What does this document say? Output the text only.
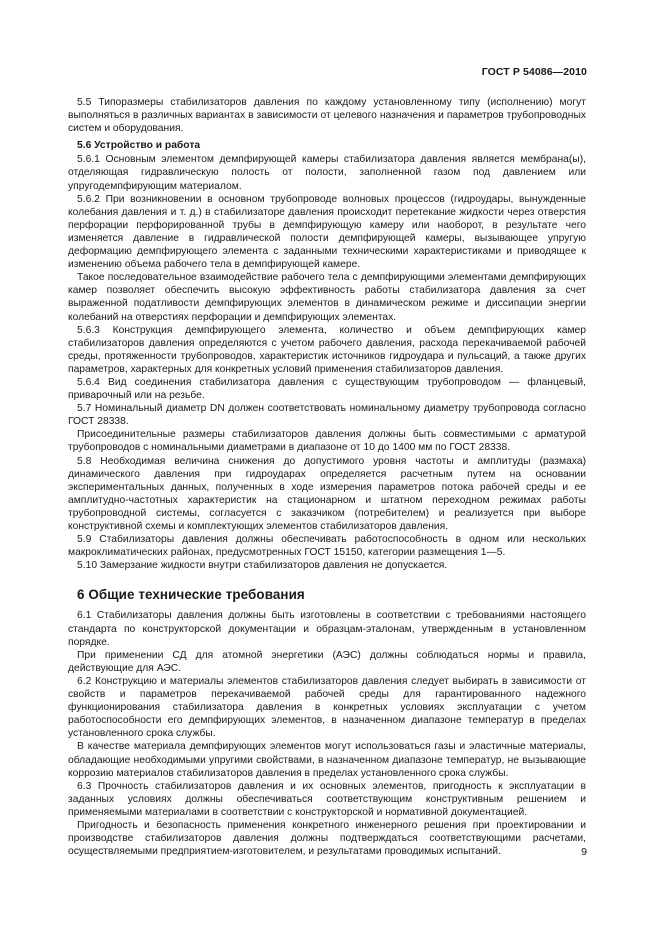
ГОСТ Р 54086—2010

5.5 Типоразмеры стабилизаторов давления по каждому установленному типу (исполнению) могут выполняться в различных вариантах в зависимости от целевого назначения и параметров трубопроводных систем и оборудования.

5.6 Устройство и работа

5.6.1 Основным элементом демпфирующей камеры стабилизатора давления является мембрана(ы), отделяющая гидравлическую полость от полости, заполненной газом под давлением или упругодемпфирующим материалом.

5.6.2 При возникновении в основном трубопроводе волновых процессов (гидроудары, вынужденные колебания давления и т. д.) в стабилизаторе давления происходит перетекание жидкости через отверстия перфорации перфорированной трубы в демпфирующую камеру или наоборот, в результате чего изменяется давление в гидравлической полости демпфирующей камеры, вызывающее упругую деформацию демпфирующего элемента с заданными техническими характеристиками и приводящее к изменению объема рабочего тела в демпфирующей камере.

Такое последовательное взаимодействие рабочего тела с демпфирующими элементами демпфирующих камер позволяет обеспечить высокую эффективность работы стабилизатора давления за счет выраженной податливости демпфирующих элементов в динамическом режиме и диссипации энергии колебаний на отверстиях перфорации и демпфирующих элементах.

5.6.3 Конструкция демпфирующего элемента, количество и объем демпфирующих камер стабилизаторов давления определяются с учетом рабочего давления, расхода перекачиваемой рабочей среды, протяженности трубопроводов, характеристик источников гидроудара и пульсаций, а также других параметров, характерных для конкретных условий применения стабилизаторов давления.

5.6.4 Вид соединения стабилизатора давления с существующим трубопроводом — фланцевый, приварочный или на резьбе.

5.7 Номинальный диаметр DN должен соответствовать номинальному диаметру трубопровода согласно ГОСТ 28338.

Присоединительные размеры стабилизаторов давления должны быть совместимыми с арматурой трубопроводов с номинальными диаметрами в диапазоне от 10 до 1400 мм по ГОСТ 28338.

5.8 Необходимая величина снижения до допустимого уровня частоты и амплитуды (размаха) динамического давления при гидроударах определяется расчетным путем на основании экспериментальных данных, полученных в ходе измерения параметров потока рабочей среды и ее амплитудно-частотных характеристик на стационарном и штатном переходном режимах работы трубопроводной системы, согласуется с заказчиком (потребителем) и реализуется при выборе конструктивной схемы и комплектующих элементов стабилизаторов давления.

5.9 Стабилизаторы давления должны обеспечивать работоспособность в одном или нескольких макроклиматических районах, предусмотренных ГОСТ 15150, категории размещения 1—5.

5.10 Замерзание жидкости внутри стабилизаторов давления не допускается.

6 Общие технические требования

6.1 Стабилизаторы давления должны быть изготовлены в соответствии с требованиями настоящего стандарта по конструкторской документации и образцам-эталонам, утвержденным в установленном порядке.

При применении СД для атомной энергетики (АЭС) должны соблюдаться нормы и правила, действующие для АЭС.

6.2 Конструкцию и материалы элементов стабилизаторов давления следует выбирать в зависимости от свойств и параметров перекачиваемой рабочей среды для гарантированного надежного функционирования стабилизатора давления в конкретных условиях эксплуатации с учетом работоспособности его демпфирующих элементов, в назначенном диапазоне температур в пределах установленного срока службы.

В качестве материала демпфирующих элементов могут использоваться газы и эластичные материалы, обладающие необходимыми упругими свойствами, в назначенном диапазоне температур, не вызывающие коррозию материалов стабилизаторов давления в пределах установленного срока службы.

6.3 Прочность стабилизаторов давления и их основных элементов, пригодность к эксплуатации в заданных условиях должны обеспечиваться соответствующим конструктивным решением и применяемыми материалами в соответствии с конструкторской и нормативной документацией.

Пригодность и безопасность применения конкретного инженерного решения при проектировании и производстве стабилизаторов давления должны подтверждаться соответствующими расчетами, осуществляемыми предприятием-изготовителем, и результатами проводимых испытаний.	9
